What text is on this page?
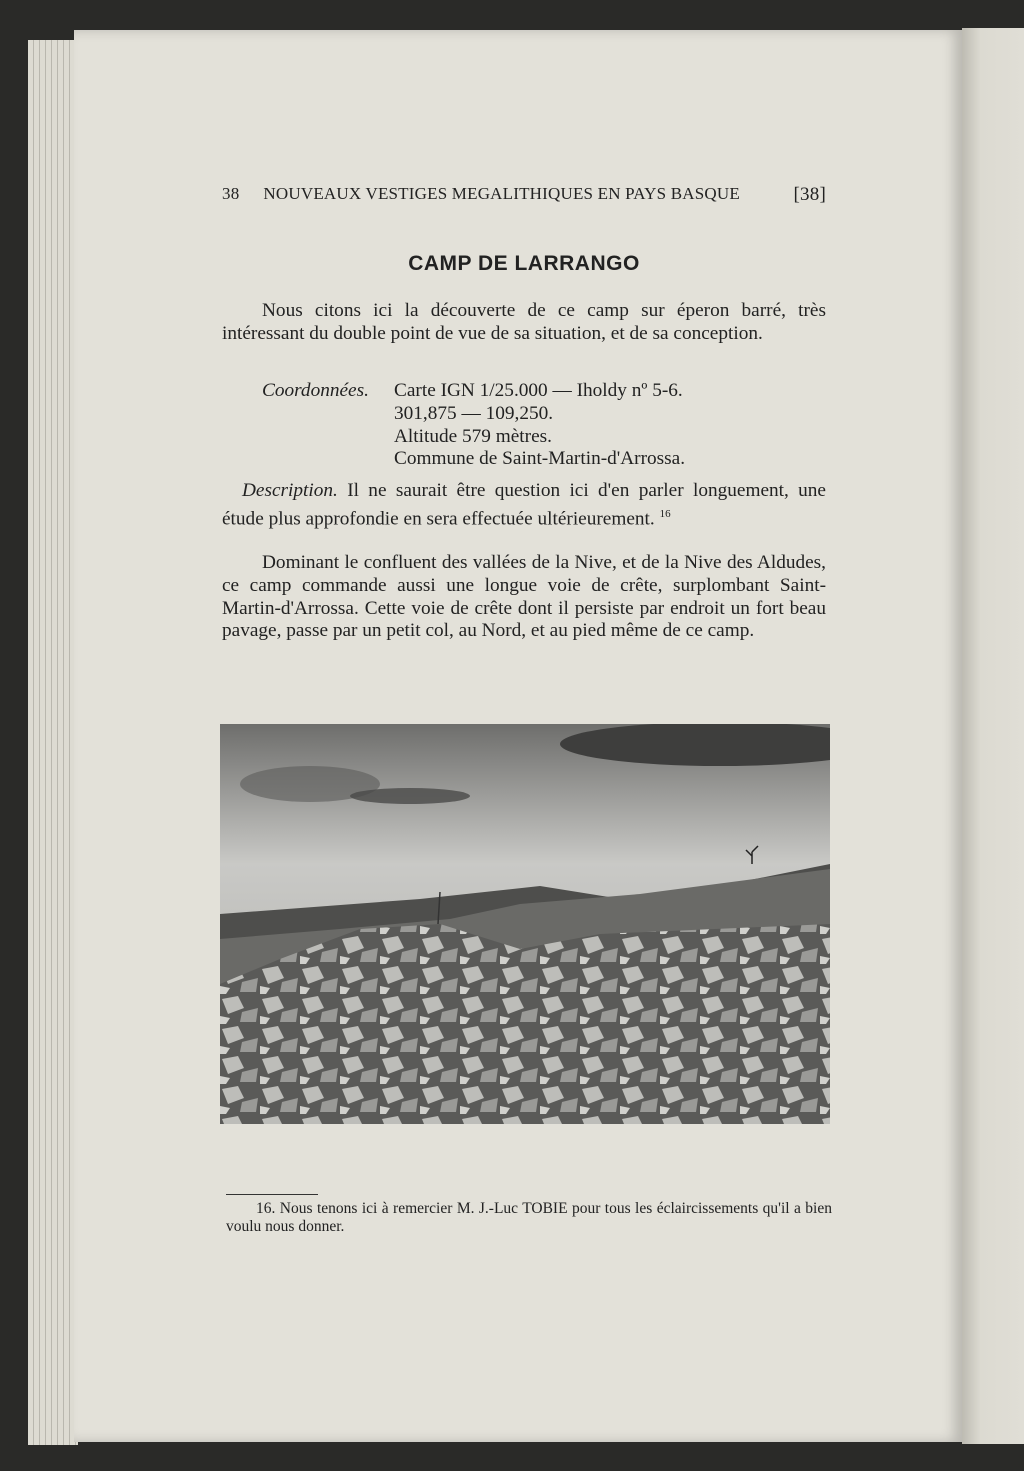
38 NOUVEAUX VESTIGES MEGALITHIQUES EN PAYS BASQUE	[38]
CAMP DE LARRANGO
Nous citons ici la découverte de ce camp sur éperon barré, très intéressant du double point de vue de sa situation, et de sa conception.
Coordonnées.	Carte IGN 1/25.000 — Iholdy nº 5-6.
301,875 — 109,250.
Altitude 579 mètres.
Commune de Saint-Martin-d'Arrossa.
Description. Il ne saurait être question ici d'en parler longuement, une étude plus approfondie en sera effectuée ultérieurement. $^{16}$
Dominant le confluent des vallées de la Nive, et de la Nive des Aldudes, ce camp commande aussi une longue voie de crête, surplombant Saint-Martin-d'Arrossa. Cette voie de crête dont il persiste par endroit un fort beau pavage, passe par un petit col, au Nord, et au pied même de ce camp.
16. Nous tenons ici à remercier M. J.-Luc TOBIE pour tous les éclaircissements qu'il a bien voulu nous donner.
